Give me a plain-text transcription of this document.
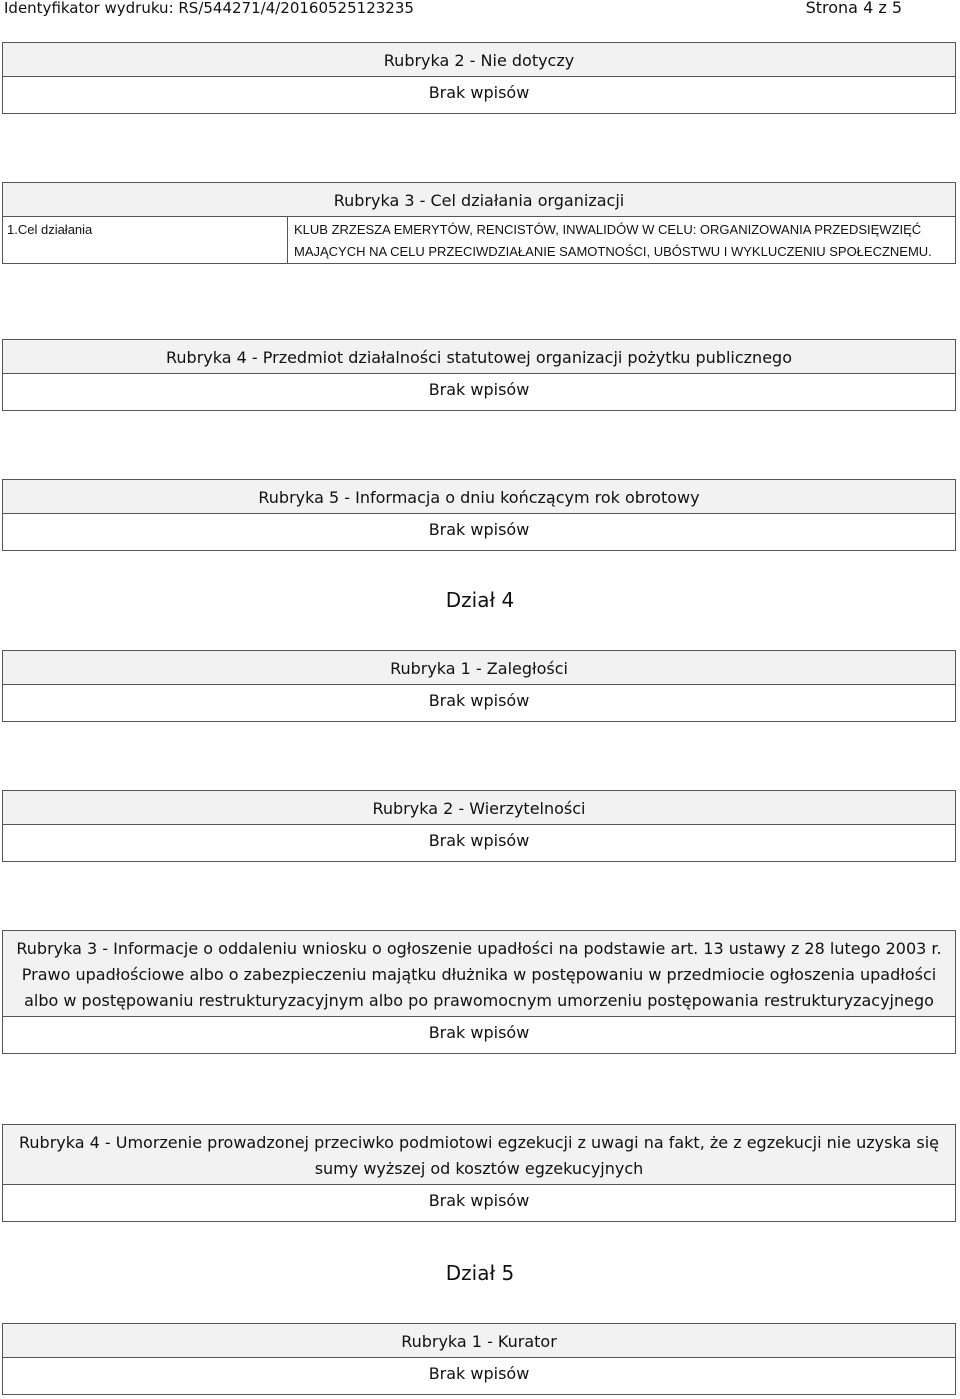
Identyfikator wydruku: RS/544271/4/20160525123235	Strona 4 z 5
Rubryka 2 - Nie dotyczy
Brak wpisów
Rubryka 3 - Cel działania organizacji
1.Cel działania	KLUB ZRZESZA EMERYTÓW, RENCISTÓW, INWALIDÓW W CELU: ORGANIZOWANIA PRZEDSIĘWZIĘĆ MAJĄCYCH NA CELU PRZECIWDZIAŁANIE SAMOTNOŚCI, UBÓSTWU I WYKLUCZENIU SPOŁECZNEMU.
Rubryka 4 - Przedmiot działalności statutowej organizacji pożytku publicznego
Brak wpisów
Rubryka 5 - Informacja o dniu kończącym rok obrotowy
Brak wpisów
Dział 4
Rubryka 1 - Zaległości
Brak wpisów
Rubryka 2 - Wierzytelności
Brak wpisów
Rubryka 3 - Informacje o oddaleniu wniosku o ogłoszenie upadłości na podstawie art. 13 ustawy z 28 lutego 2003 r. Prawo upadłościowe albo o zabezpieczeniu majątku dłużnika w postępowaniu w przedmiocie ogłoszenia upadłości albo w postępowaniu restrukturyzacyjnym albo po prawomocnym umorzeniu postępowania restrukturyzacyjnego
Brak wpisów
Rubryka 4 - Umorzenie prowadzonej przeciwko podmiotowi egzekucji z uwagi na fakt, że z egzekucji nie uzyska się sumy wyższej od kosztów egzekucyjnych
Brak wpisów
Dział 5
Rubryka 1 - Kurator
Brak wpisów
